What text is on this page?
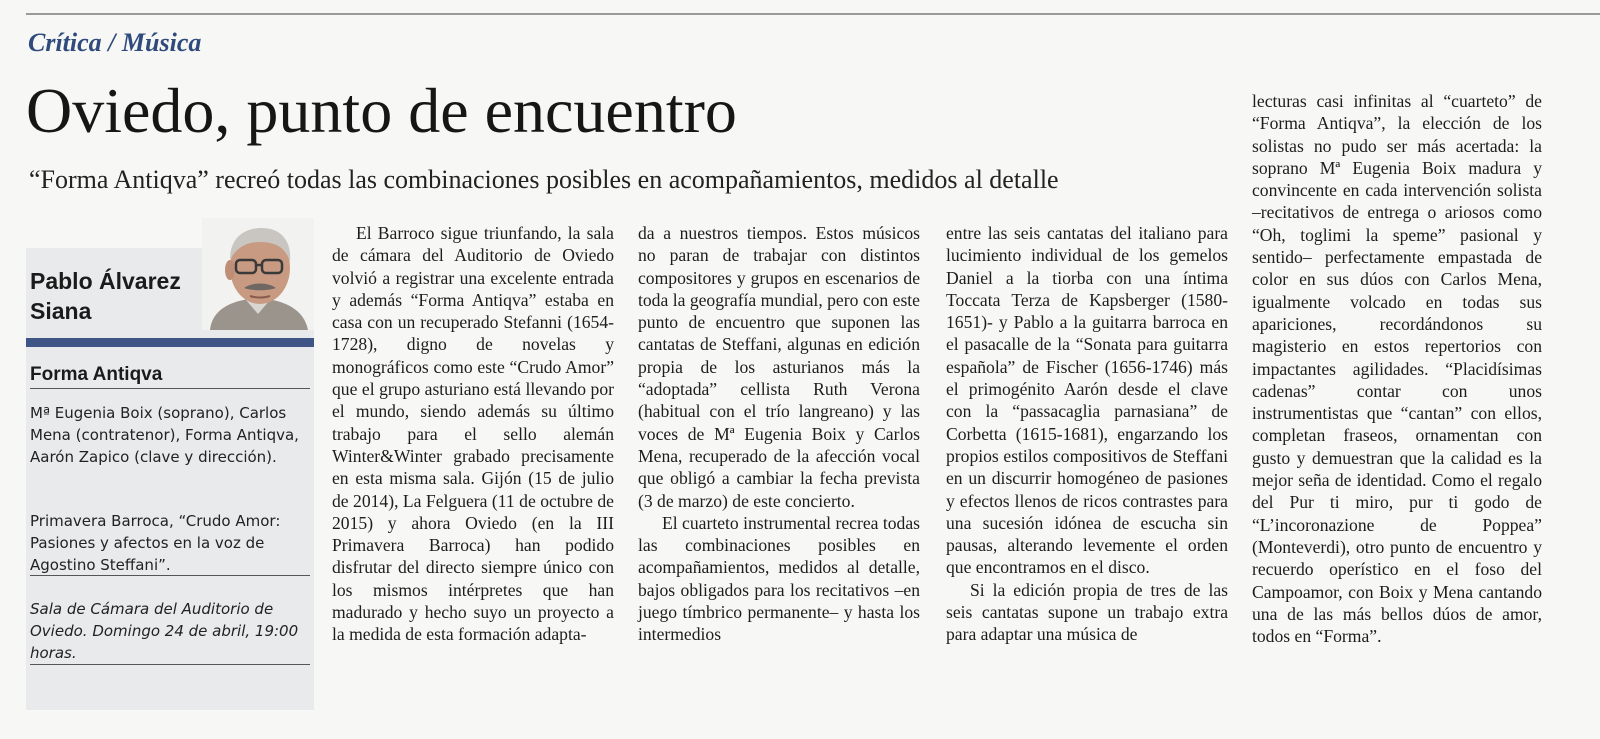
Crítica / Música
Oviedo, punto de encuentro

“Forma Antiqva” recreó todas las combinaciones posibles en acompañamientos, medidos al detalle

Pablo Álvarez Siana
Forma Antiqva

Mª Eugenia Boix (soprano), Carlos Mena (contratenor), Forma Antiqva, Aarón Zapico (clave y dirección).

Primavera Barroca, “Crudo Amor: Pasiones y afectos en la voz de Agostino Steffani”.

Sala de Cámara del Auditorio de Oviedo. Domingo 24 de abril, 19:00 horas.

El Barroco sigue triunfando, la sala de cámara del Auditorio de Oviedo volvió a registrar una excelente entrada y además “Forma Antiqva” estaba en casa con un recuperado Stefanni (1654-1728), digno de novelas y monográficos como este “Crudo Amor” que el grupo asturiano está llevando por el mundo, siendo además su último trabajo para el sello alemán Winter&Winter grabado precisamente en esta misma sala. Gijón (15 de julio de 2014), La Felguera (11 de octubre de 2015) y ahora Oviedo (en la III Primavera Barroca) han podido disfrutar del directo siempre único con los mismos intérpretes que han madurado y hecho suyo un proyecto a la medida de esta formación adapta-

da a nuestros tiempos. Estos músicos no paran de trabajar con distintos compositores y grupos en escenarios de toda la geografía mundial, pero con este punto de encuentro que suponen las cantatas de Steffani, algunas en edición propia de los asturianos más la “adoptada” cellista Ruth Verona (habitual con el trío langreano) y las voces de Mª Eugenia Boix y Carlos Mena, recuperado de la afección vocal que obligó a cambiar la fecha prevista (3 de marzo) de este concierto.

El cuarteto instrumental recrea todas las combinaciones posibles en acompañamientos, medidos al detalle, bajos obligados para los recitativos –en juego tímbrico permanente– y hasta los intermedios

entre las seis cantatas del italiano para lucimiento individual de los gemelos Daniel a la tiorba con una íntima Toccata Terza de Kapsberger (1580-1651)- y Pablo a la guitarra barroca en el pasacalle de la “Sonata para guitarra española” de Fischer (1656-1746) más el primogénito Aarón desde el clave con la “passacaglia parnasiana” de Corbetta (1615-1681), engarzando los propios estilos compositivos de Steffani en un discurrir homogéneo de pasiones y efectos llenos de ricos contrastes para una sucesión idónea de escucha sin pausas, alterando levemente el orden que encontramos en el disco.

Si la edición propia de tres de las seis cantatas supone un trabajo extra para adaptar una música de

lecturas casi infinitas al “cuarteto” de “Forma Antiqva”, la elección de los solistas no pudo ser más acertada: la soprano Mª Eugenia Boix madura y convincente en cada intervención solista –recitativos de entrega o ariosos como “Oh, toglimi la speme” pasional y sentido– perfectamente empastada de color en sus dúos con Carlos Mena, igualmente volcado en todas sus apariciones, recordándonos su magisterio en estos repertorios con impactantes agilidades. “Placidísimas cadenas” contar con unos instrumentistas que “cantan” con ellos, completan fraseos, ornamentan con gusto y demuestran que la calidad es la mejor seña de identidad. Como el regalo del Pur ti miro, pur ti godo de “L’incoronazione de Poppea” (Monteverdi), otro punto de encuentro y recuerdo operístico en el foso del Campoamor, con Boix y Mena cantando una de las más bellos dúos de amor, todos en “Forma”.
